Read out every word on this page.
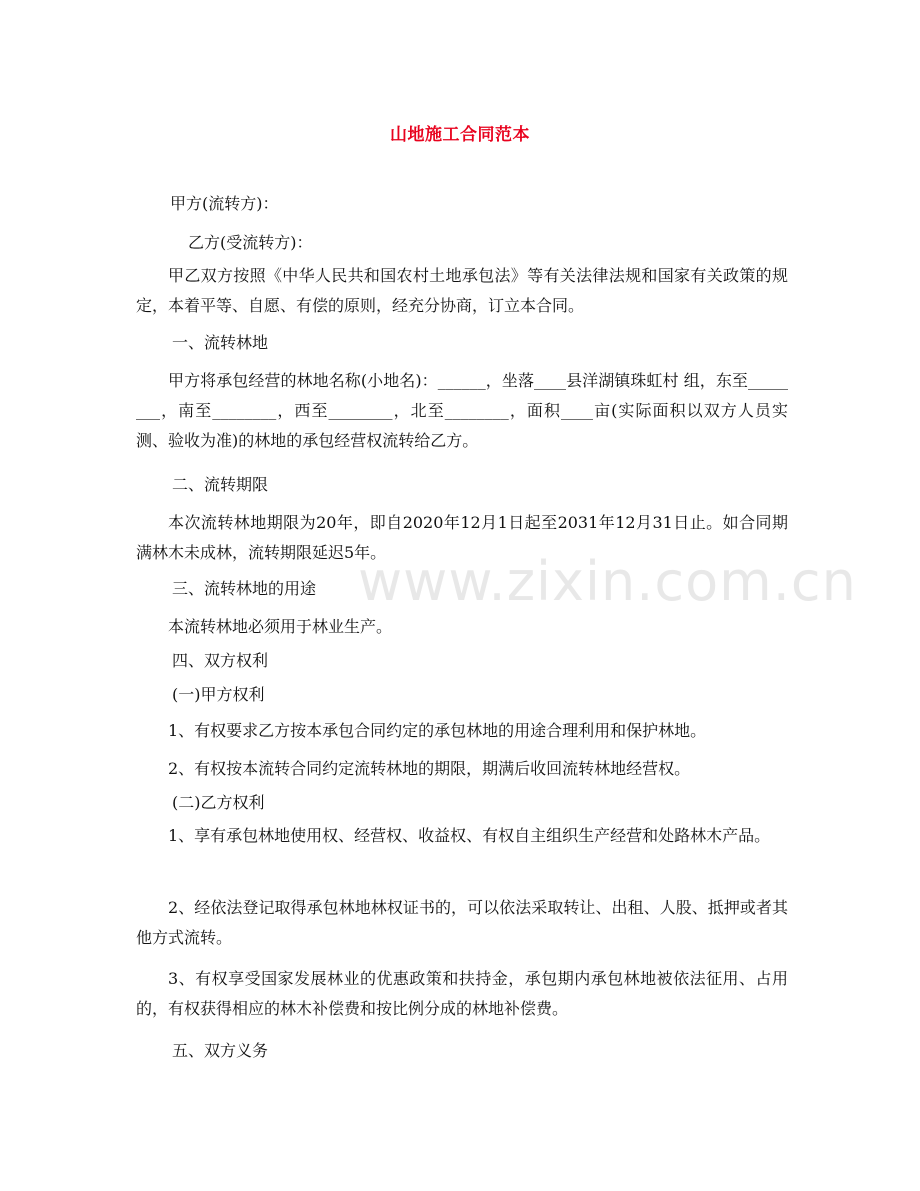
山地施工合同范本
www.zixin.com.cn
甲方(流转方)：
乙方(受流转方)：
甲乙双方按照《中华人民共和国农村土地承包法》等有关法律法规和国家有关政策的规定，本着平等、自愿、有偿的原则，经充分协商，订立本合同。
一、流转林地
甲方将承包经营的林地名称(小地名)：______，坐落____县洋湖镇珠虹村 组，东至________，南至________，西至________，北至________，面积____亩(实际面积以双方人员实测、验收为准)的林地的承包经营权流转给乙方。
二、流转期限
本次流转林地期限为20年，即自2020年12月1日起至2031年12月31日止。如合同期满林木未成林，流转期限延迟5年。
三、流转林地的用途
本流转林地必须用于林业生产。
四、双方权利
(一)甲方权利
1、有权要求乙方按本承包合同约定的承包林地的用途合理利用和保护林地。
2、有权按本流转合同约定流转林地的期限，期满后收回流转林地经营权。
(二)乙方权利
1、享有承包林地使用权、经营权、收益权、有权自主组织生产经营和处路林木产品。
2、经依法登记取得承包林地林权证书的，可以依法采取转让、出租、人股、抵押或者其他方式流转。
3、有权享受国家发展林业的优惠政策和扶持金，承包期内承包林地被依法征用、占用的，有权获得相应的林木补偿费和按比例分成的林地补偿费。
五、双方义务
